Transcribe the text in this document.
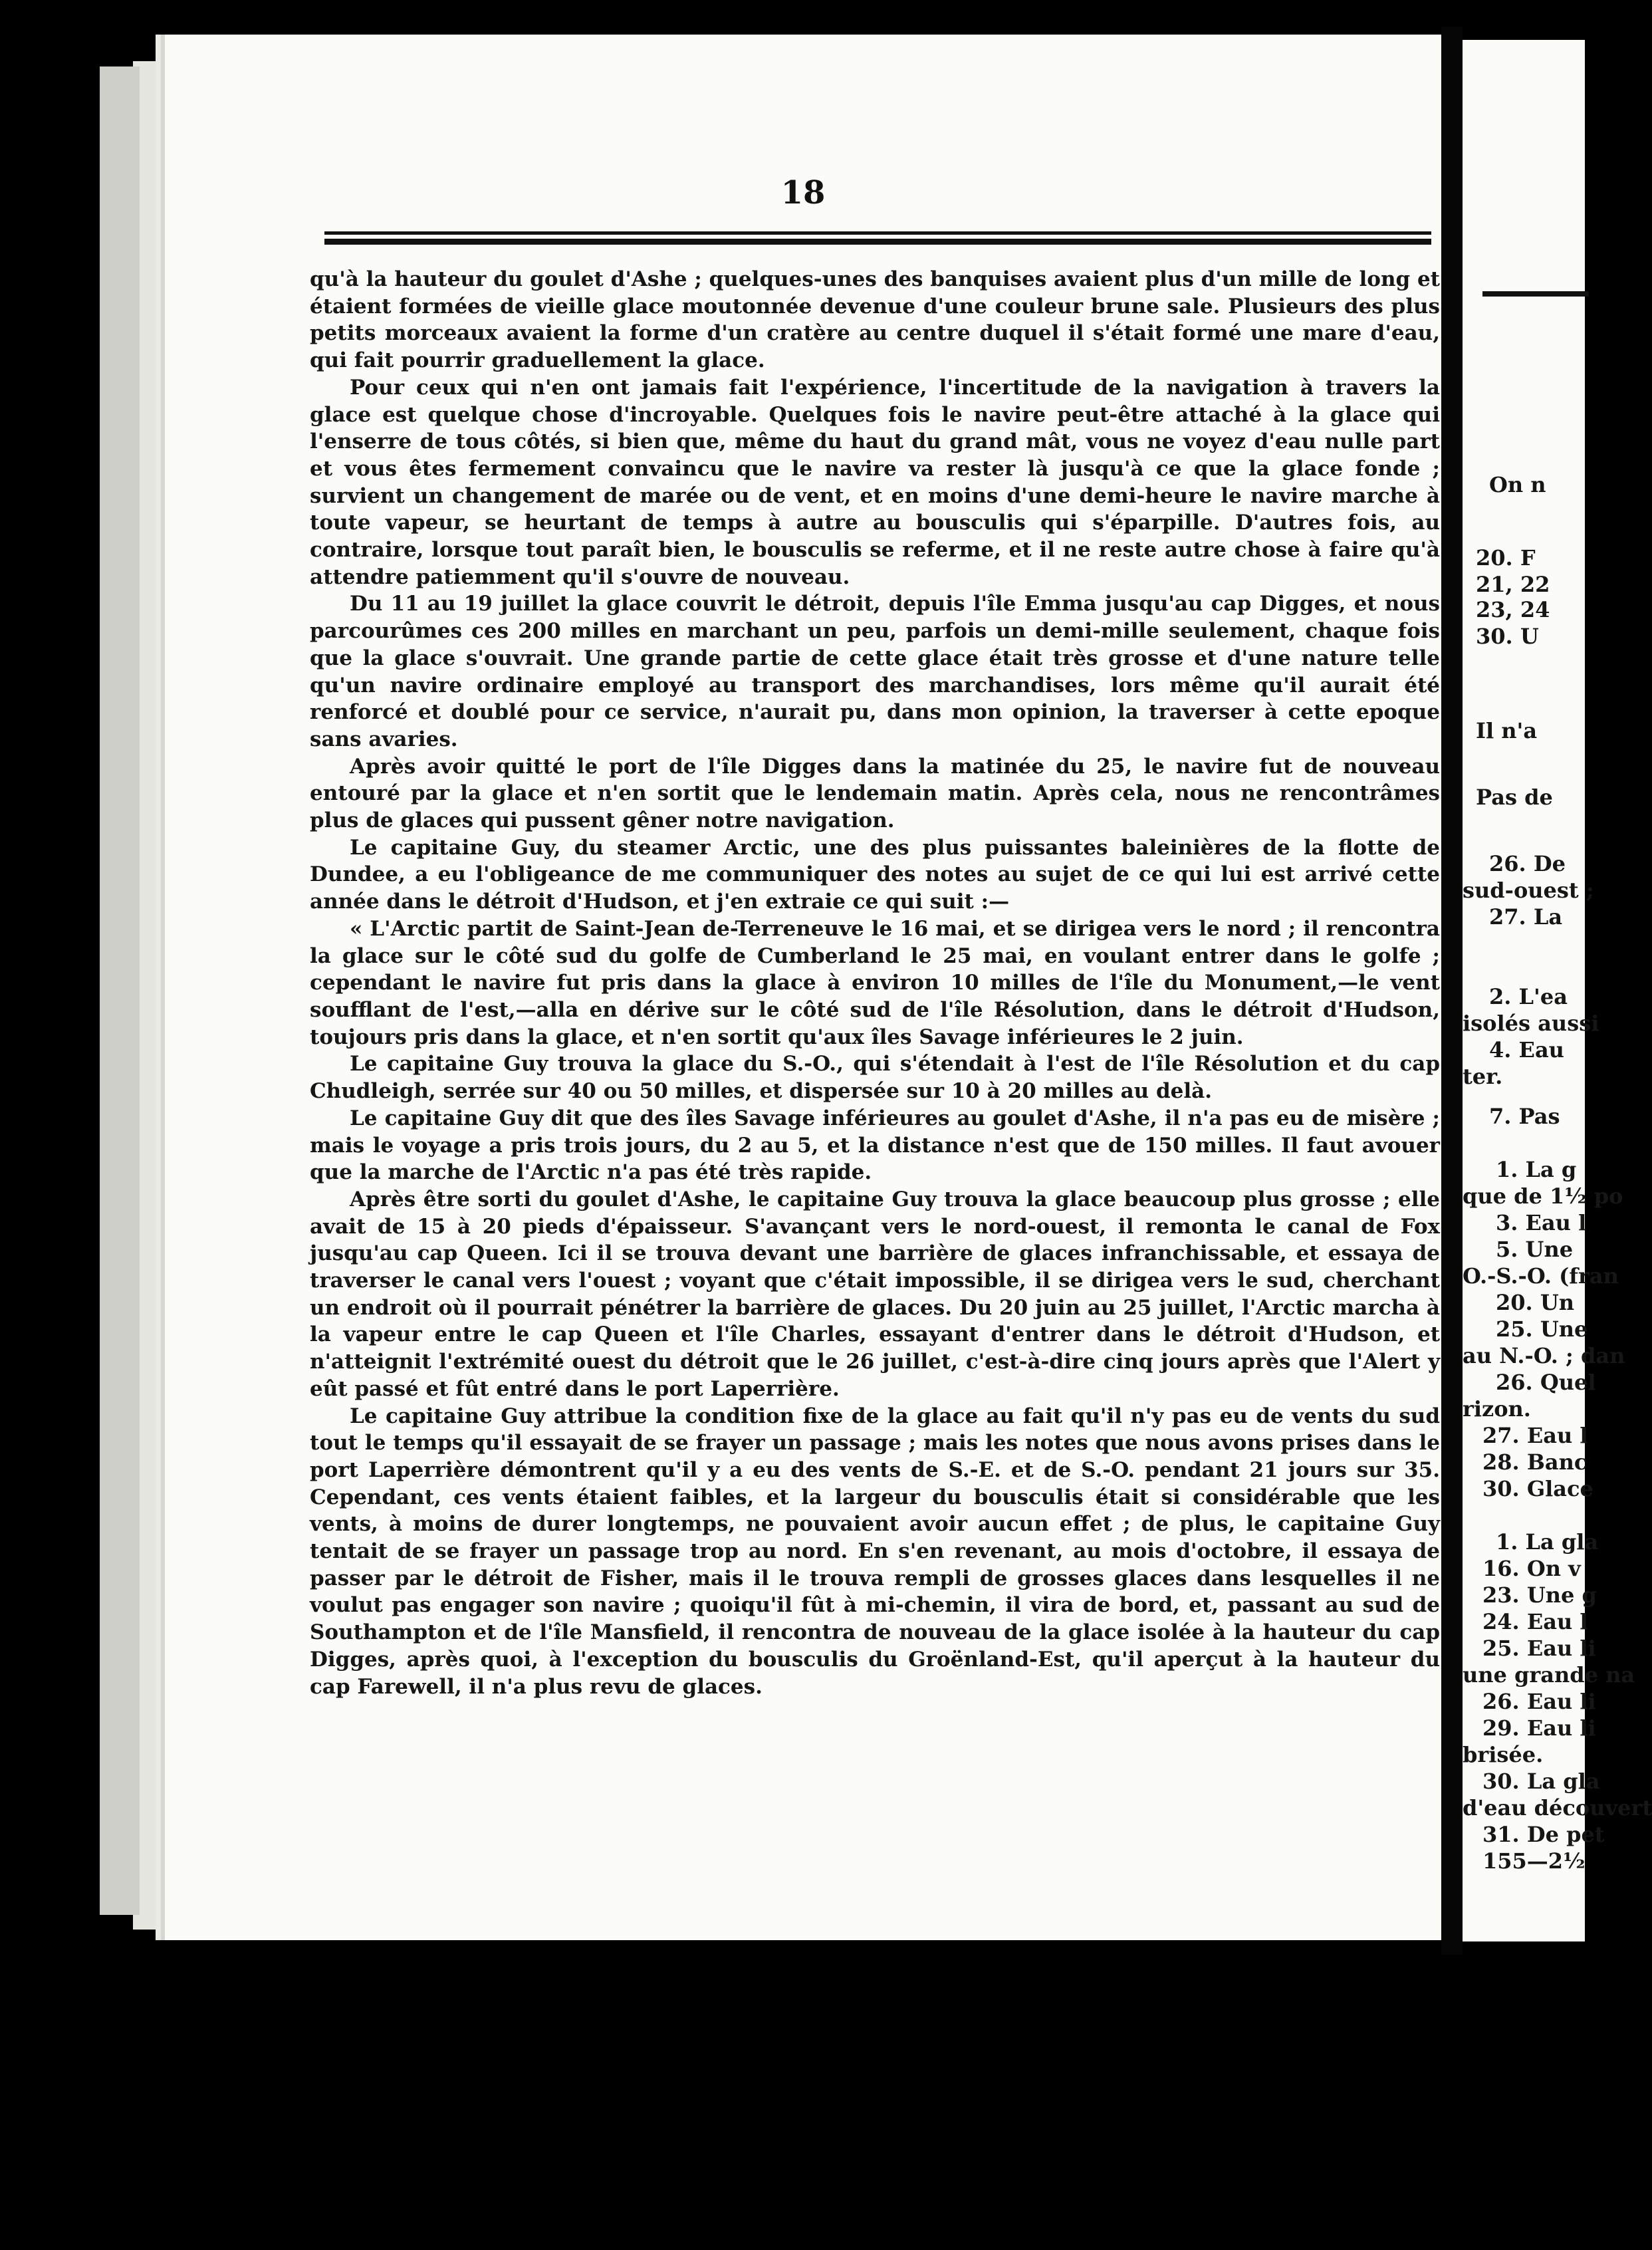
18

qu'à la hauteur du goulet d'Ashe ; quelques-unes des banquises avaient plus d'un mille de long et étaient formées de vieille glace moutonnée devenue d'une couleur brune sale. Plusieurs des plus petits morceaux avaient la forme d'un cratère au centre duquel il s'était formé une mare d'eau, qui fait pourrir graduellement la glace.

Pour ceux qui n'en ont jamais fait l'expérience, l'incertitude de la navigation à travers la glace est quelque chose d'incroyable. Quelques fois le navire peut-être attaché à la glace qui l'enserre de tous côtés, si bien que, même du haut du grand mât, vous ne voyez d'eau nulle part et vous êtes fermement convaincu que le navire va rester là jusqu'à ce que la glace fonde ; survient un changement de marée ou de vent, et en moins d'une demi-heure le navire marche à toute vapeur, se heurtant de temps à autre au bousculis qui s'éparpille. D'autres fois, au contraire, lorsque tout paraît bien, le bousculis se referme, et il ne reste autre chose à faire qu'à attendre patiemment qu'il s'ouvre de nouveau.

Du 11 au 19 juillet la glace couvrit le détroit, depuis l'île Emma jusqu'au cap Digges, et nous parcourûmes ces 200 milles en marchant un peu, parfois un demi-mille seulement, chaque fois que la glace s'ouvrait. Une grande partie de cette glace était très grosse et d'une nature telle qu'un navire ordinaire employé au transport des marchandises, lors même qu'il aurait été renforcé et doublé pour ce service, n'aurait pu, dans mon opinion, la traverser à cette epoque sans avaries.

Après avoir quitté le port de l'île Digges dans la matinée du 25, le navire fut de nouveau entouré par la glace et n'en sortit que le lendemain matin. Après cela, nous ne rencontrâmes plus de glaces qui pussent gêner notre navigation.

Le capitaine Guy, du steamer Arctic, une des plus puissantes baleinières de la flotte de Dundee, a eu l'obligeance de me communiquer des notes au sujet de ce qui lui est arrivé cette année dans le détroit d'Hudson, et j'en extraie ce qui suit :—

« L'Arctic partit de Saint-Jean de-Terreneuve le 16 mai, et se dirigea vers le nord ; il rencontra la glace sur le côté sud du golfe de Cumberland le 25 mai, en voulant entrer dans le golfe ; cependant le navire fut pris dans la glace à environ 10 milles de l'île du Monument,—le vent soufflant de l'est,—alla en dérive sur le côté sud de l'île Résolution, dans le détroit d'Hudson, toujours pris dans la glace, et n'en sortit qu'aux îles Savage inférieures le 2 juin.

Le capitaine Guy trouva la glace du S.-O., qui s'étendait à l'est de l'île Résolution et du cap Chudleigh, serrée sur 40 ou 50 milles, et dispersée sur 10 à 20 milles au delà.

Le capitaine Guy dit que des îles Savage inférieures au goulet d'Ashe, il n'a pas eu de misère ; mais le voyage a pris trois jours, du 2 au 5, et la distance n'est que de 150 milles. Il faut avouer que la marche de l'Arctic n'a pas été très rapide.

Après être sorti du goulet d'Ashe, le capitaine Guy trouva la glace beaucoup plus grosse ; elle avait de 15 à 20 pieds d'épaisseur. S'avançant vers le nord-ouest, il remonta le canal de Fox jusqu'au cap Queen. Ici il se trouva devant une barrière de glaces infranchissable, et essaya de traverser le canal vers l'ouest ; voyant que c'était impossible, il se dirigea vers le sud, cherchant un endroit où il pourrait pénétrer la barrière de glaces. Du 20 juin au 25 juillet, l'Arctic marcha à la vapeur entre le cap Queen et l'île Charles, essayant d'entrer dans le détroit d'Hudson, et n'atteignit l'extrémité ouest du détroit que le 26 juillet, c'est-à-dire cinq jours après que l'Alert y eût passé et fût entré dans le port Laperrière.

Le capitaine Guy attribue la condition fixe de la glace au fait qu'il n'y pas eu de vents du sud tout le temps qu'il essayait de se frayer un passage ; mais les notes que nous avons prises dans le port Laperrière démontrent qu'il y a eu des vents de S.-E. et de S.-O. pendant 21 jours sur 35. Cependant, ces vents étaient faibles, et la largeur du bousculis était si considérable que les vents, à moins de durer longtemps, ne pouvaient avoir aucun effet ; de plus, le capitaine Guy tentait de se frayer un passage trop au nord. En s'en revenant, au mois d'octobre, il essaya de passer par le détroit de Fisher, mais il le trouva rempli de grosses glaces dans lesquelles il ne voulut pas engager son navire ; quoiqu'il fût à mi-chemin, il vira de bord, et, passant au sud de Southampton et de l'île Mansfield, il rencontra de nouveau de la glace isolée à la hauteur du cap Digges, après quoi, à l'exception du bousculis du Groënland-Est, qu'il aperçut à la hauteur du cap Farewell, il n'a plus revu de glaces.

On n
20. F
21, 22
23, 24
30. U
Il n'a
Pas de
26. De
sud-ouest ;
27. La
2. L'ea
isolés aussi
4. Eau
ter.
7. Pas
1. La g
que de 1½ po
3. Eau l
5. Une
O.-S.-O. (fran
20. Un
25. Une
au N.-O. ; dan
26. Quel
rizon.
27. Eau l
28. Banc
30. Glace
1. La gla
16. On v
23. Une g
24. Eau l
25. Eau li
une grande na
26. Eau li
29. Eau li
brisée.
30. La gla
d'eau découvert
31. De pet
155—2½
